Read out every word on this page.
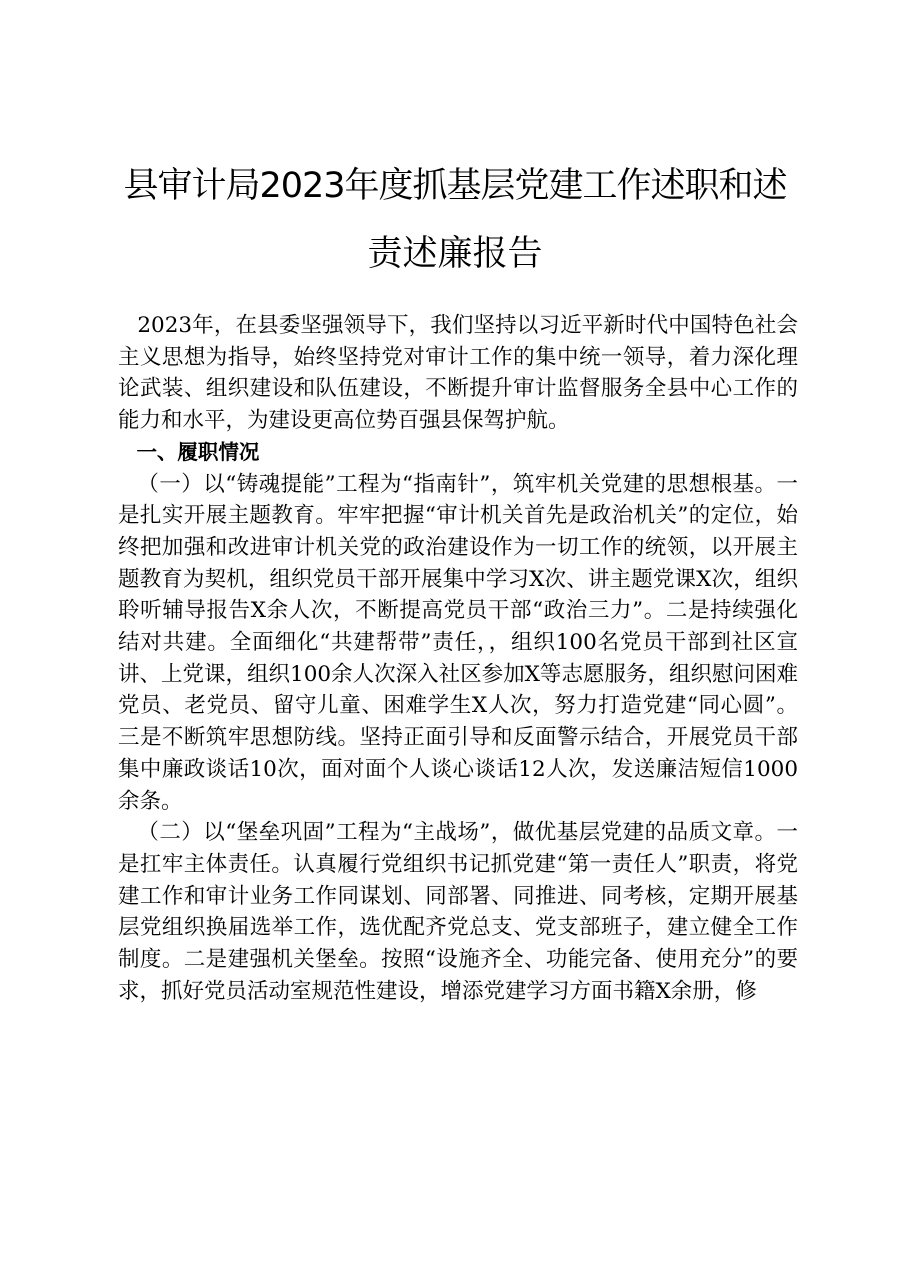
县审计局2023年度抓基层党建工作述职和述
责述廉报告

2023年，在县委坚强领导下，我们坚持以习近平新时代中国特色社会主义思想为指导，始终坚持党对审计工作的集中统一领导，着力深化理论武装、组织建设和队伍建设，不断提升审计监督服务全县中心工作的能力和水平，为建设更高位势百强县保驾护航。

一、履职情况

（一）以“铸魂提能”工程为“指南针”，筑牢机关党建的思想根基。一是扎实开展主题教育。牢牢把握“审计机关首先是政治机关”的定位，始终把加强和改进审计机关党的政治建设作为一切工作的统领，以开展主题教育为契机，组织党员干部开展集中学习X次、讲主题党课X次，组织聆听辅导报告X余人次，不断提高党员干部“政治三力”。二是持续强化结对共建。全面细化“共建帮带”责任，，组织100名党员干部到社区宣讲、上党课，组织100余人次深入社区参加X等志愿服务，组织慰问困难党员、老党员、留守儿童、困难学生X人次，努力打造党建“同心圆”。三是不断筑牢思想防线。坚持正面引导和反面警示结合，开展党员干部集中廉政谈话10次，面对面个人谈心谈话12人次，发送廉洁短信1000余条。

（二）以“堡垒巩固”工程为“主战场”，做优基层党建的品质文章。一是扛牢主体责任。认真履行党组织书记抓党建“第一责任人”职责，将党建工作和审计业务工作同谋划、同部署、同推进、同考核，定期开展基层党组织换届选举工作，选优配齐党总支、党支部班子，建立健全工作制度。二是建强机关堡垒。按照“设施齐全、功能完备、使用充分”的要求，抓好党员活动室规范性建设，增添党建学习方面书籍X余册，修
